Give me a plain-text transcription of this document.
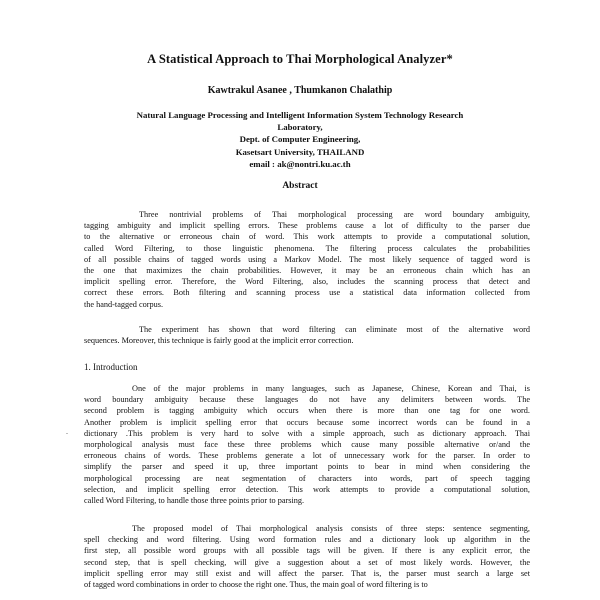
A Statistical Approach to Thai Morphological Analyzer*
Kawtrakul Asanee , Thumkanon Chalathip
Natural Language Processing and Intelligent Information System Technology Research
Laboratory,
Dept. of Computer Engineering,
Kasetsart University, THAILAND
email : ak@nontri.ku.ac.th
Abstract
Three nontrivial problems of Thai morphological processing are word boundary ambiguity,
tagging ambiguity and implicit spelling errors. These problems cause a lot of difficulty to the parser due
to the alternative or erroneous chain of word. This work attempts to provide a computational solution,
called Word Filtering, to those linguistic phenomena. The filtering process calculates the probabilities
of all possible chains of tagged words using a Markov Model. The most likely sequence of tagged word is
the one that maximizes the chain probabilities. However, it may be an erroneous chain which has an
implicit spelling error. Therefore, the Word Filtering, also, includes the scanning process that detect and
correct these errors. Both filtering and scanning process use a statistical data information collected from
the hand-tagged corpus.
The experiment has shown that word filtering can eliminate most of the alternative word
sequences. Moreover, this technique is fairly good at the implicit error correction.
1. Introduction
.
One of the major problems in many languages, such as Japanese, Chinese, Korean and Thai, is
word boundary ambiguity because these languages do not have any delimiters between words. The
second problem is tagging ambiguity which occurs when there is more than one tag for one word.
Another problem is implicit spelling error that occurs because some incorrect words can be found in a
dictionary .This problem is very hard to solve with a simple approach, such as dictionary approach. Thai
morphological analysis must face these three problems which cause many possible alternative or/and the
erroneous chains of words. These problems generate a lot of unnecessary work for the parser. In order to
simplify the parser and speed it up, three important points to bear in mind when considering the
morphological processing are neat segmentation of characters into words, part of speech tagging
selection, and implicit spelling error detection. This work attempts to provide a computational solution,
called Word Filtering, to handle those three points prior to parsing.
The proposed model of Thai morphological analysis consists of three steps: sentence segmenting,
spell checking and word filtering. Using word formation rules and a dictionary look up algorithm in the
first step, all possible word groups with all possible tags will be given. If there is any explicit error, the
second step, that is spell checking, will give a suggestion about a set of most likely words. However, the
implicit spelling error may still exist and will affect the parser. That is, the parser must search a large set
of tagged word combinations in order to choose the right one. Thus, the main goal of word filtering is to
